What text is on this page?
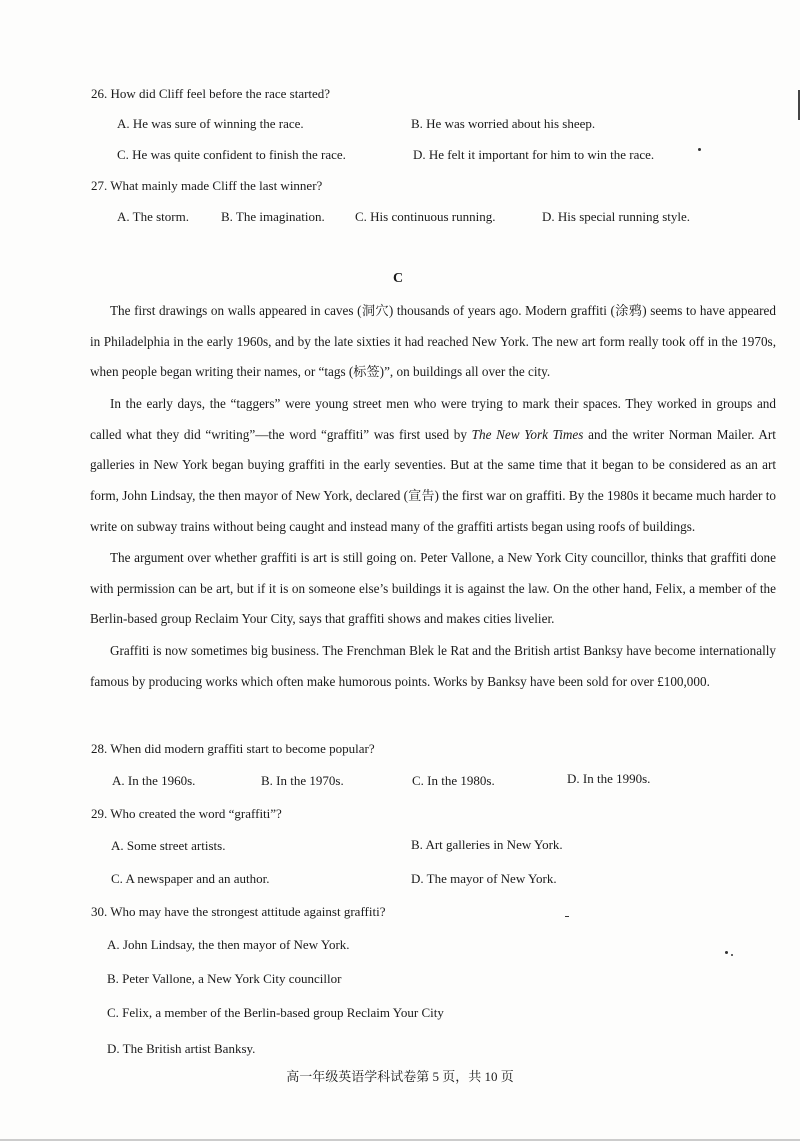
26. How did Cliff feel before the race started?
A. He was sure of winning the race.	B. He was worried about his sheep.
C. He was quite confident to finish the race.	D. He felt it important for him to win the race.
27. What mainly made Cliff the last winner?
A. The storm. B. The imagination. C. His continuous running.	D. His special running style.
C
The first drawings on walls appeared in caves (洞穴) thousands of years ago. Modern graffiti (涂鸦) seems to have appeared in Philadelphia in the early 1960s, and by the late sixties it had reached New York. The new art form really took off in the 1970s, when people began writing their names, or “tags (标签)”, on buildings all over the city.
In the early days, the “taggers” were young street men who were trying to mark their spaces. They worked in groups and called what they did “writing”—the word “graffiti” was first used by The New York Times and the writer Norman Mailer. Art galleries in New York began buying graffiti in the early seventies. But at the same time that it began to be considered as an art form, John Lindsay, the then mayor of New York, declared (宣告) the first war on graffiti. By the 1980s it became much harder to write on subway trains without being caught and instead many of the graffiti artists began using roofs of buildings.
The argument over whether graffiti is art is still going on. Peter Vallone, a New York City councillor, thinks that graffiti done with permission can be art, but if it is on someone else’s buildings it is against the law. On the other hand, Felix, a member of the Berlin-based group Reclaim Your City, says that graffiti shows and makes cities livelier.
Graffiti is now sometimes big business. The Frenchman Blek le Rat and the British artist Banksy have become internationally famous by producing works which often make humorous points. Works by Banksy have been sold for over £100,000.
28. When did modern graffiti start to become popular?
A. In the 1960s.	B. In the 1970s.	C. In the 1980s.	D. In the 1990s.
29. Who created the word “graffiti”?
A. Some street artists.	B. Art galleries in New York.
C. A newspaper and an author.	D. The mayor of New York.
30. Who may have the strongest attitude against graffiti?
A. John Lindsay, the then mayor of New York.
B. Peter Vallone, a New York City councillor
C. Felix, a member of the Berlin-based group Reclaim Your City
D. The British artist Banksy.
高一年级英语学科试卷第 5 页，共 10 页
